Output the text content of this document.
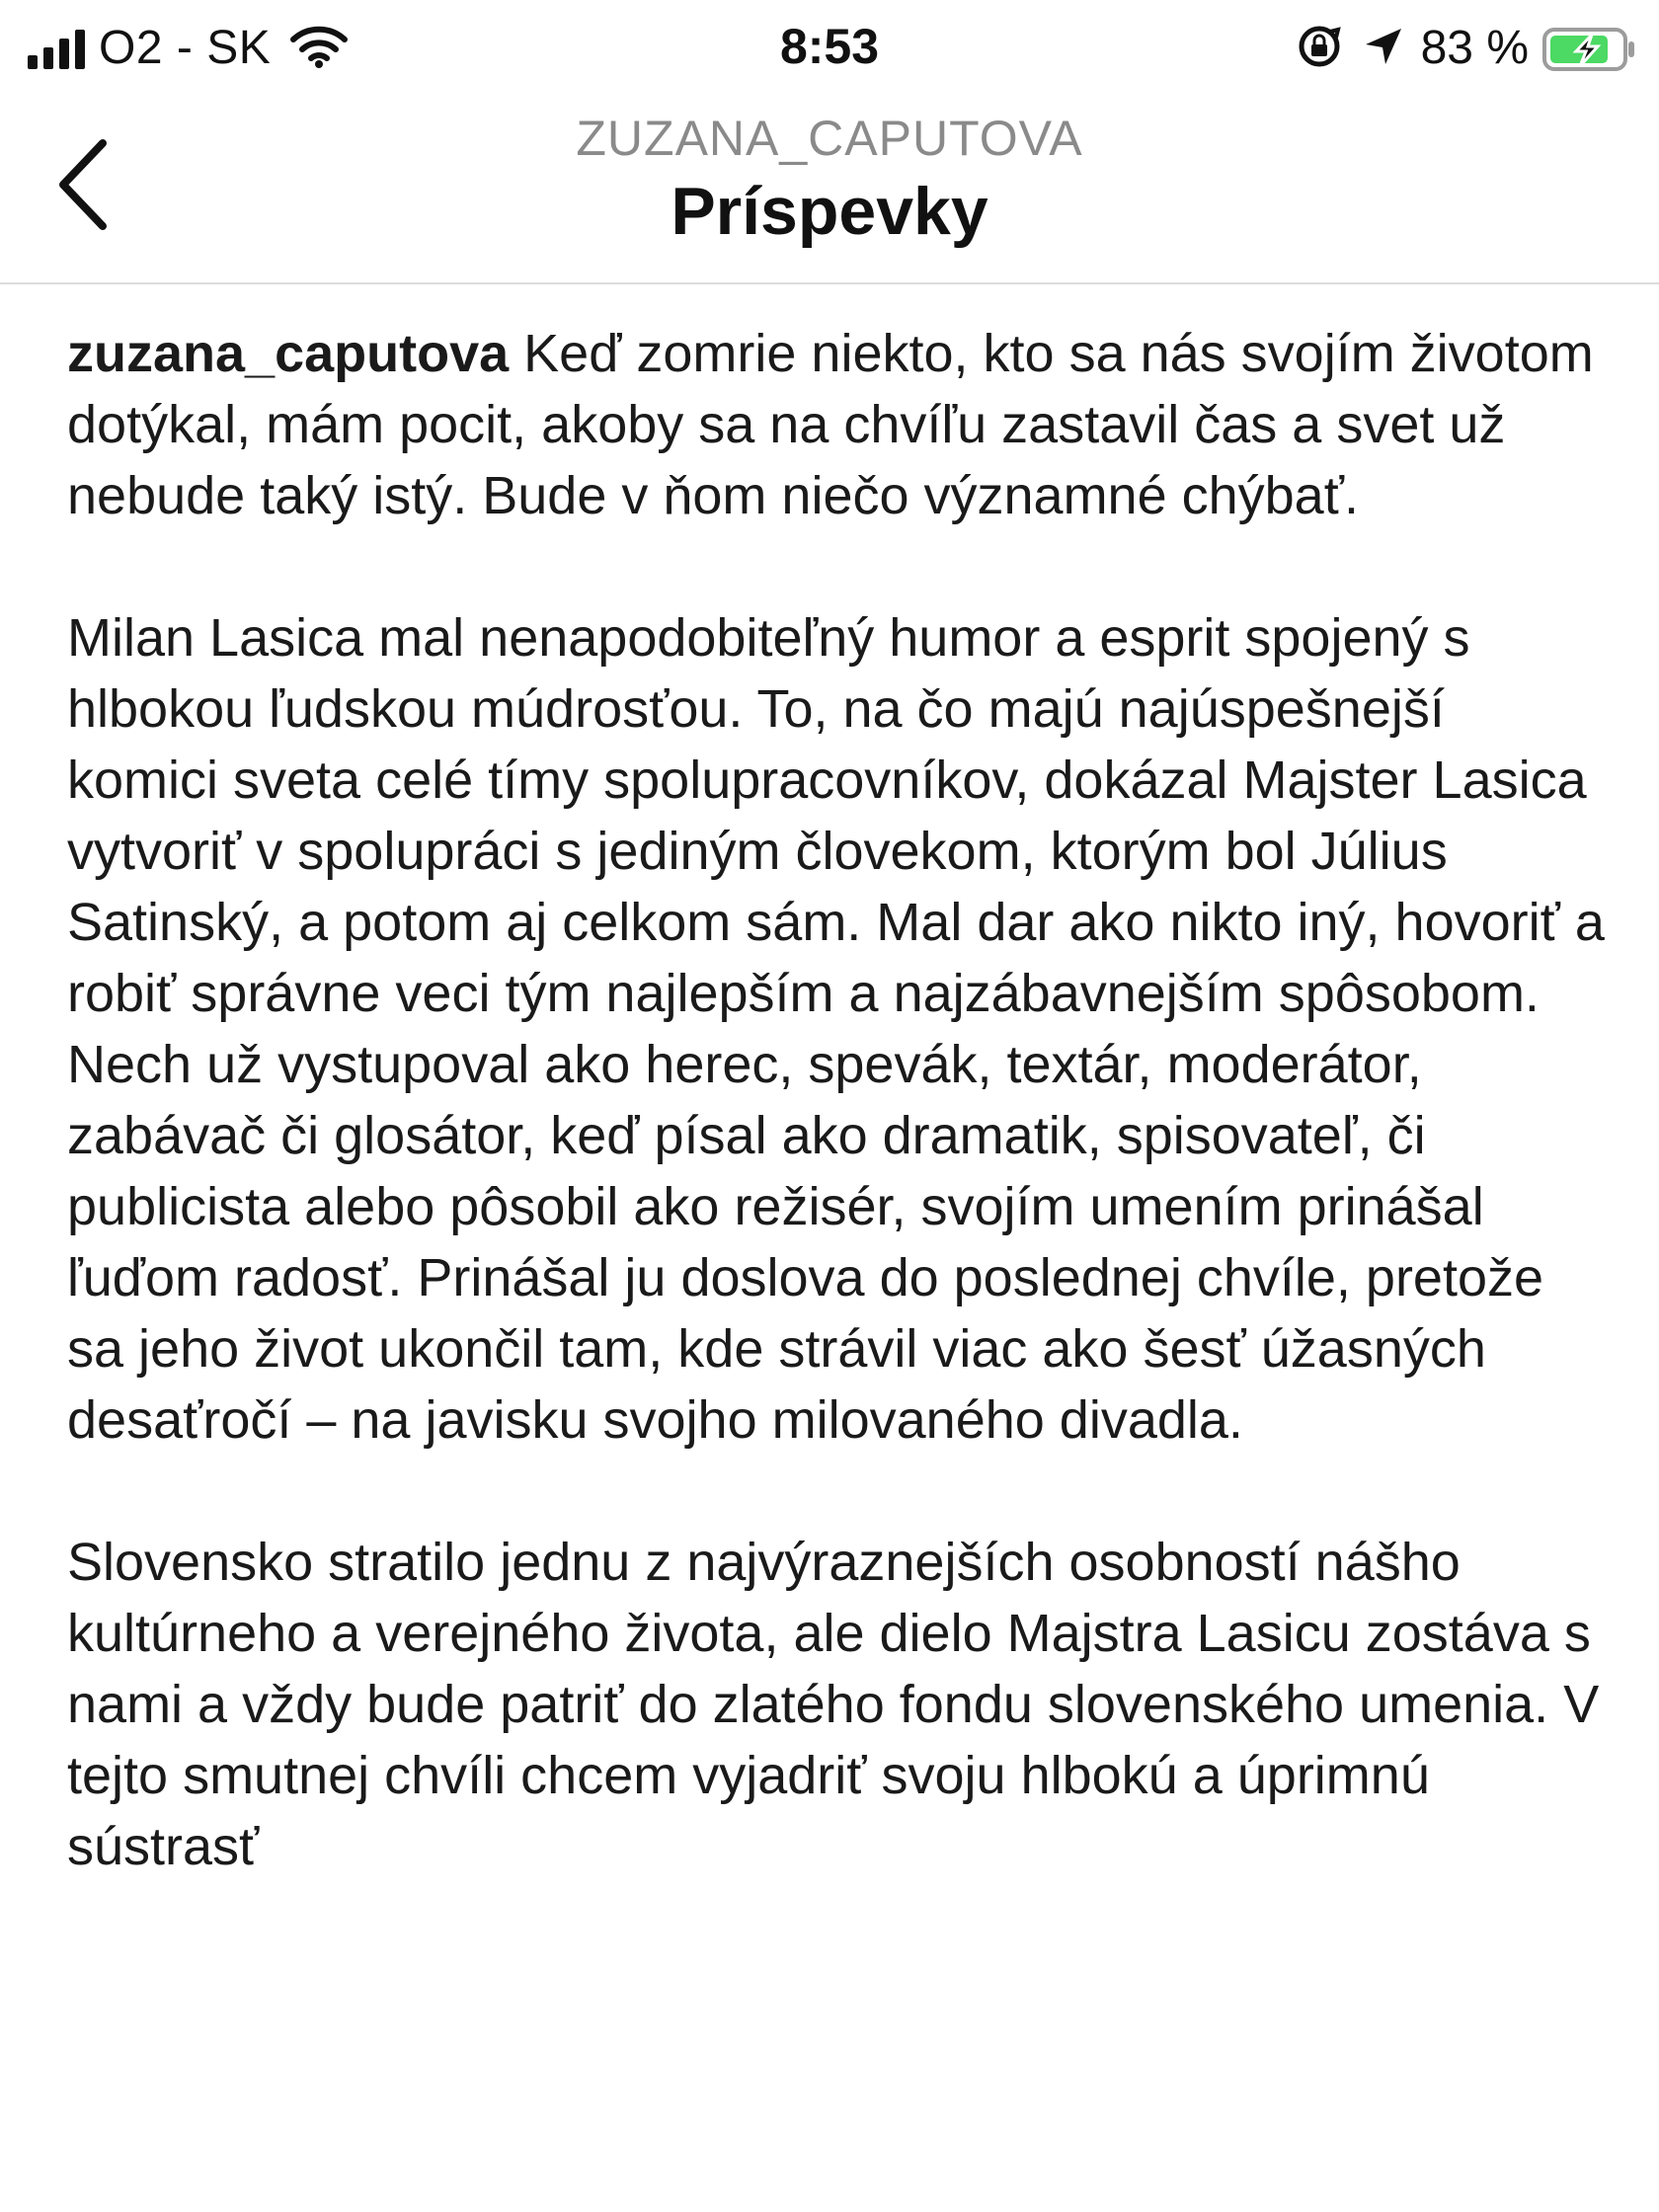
O2 - SK	8:53	83 %
ZUZANA_CAPUTOVA
Príspevky

zuzana_caputova Keď zomrie niekto, kto sa nás svojím životom dotýkal, mám pocit, akoby sa na chvíľu zastavil čas a svet už nebude taký istý. Bude v ňom niečo významné chýbať.

Milan Lasica mal nenapodobiteľný humor a esprit spojený s hlbokou ľudskou múdrosťou. To, na čo majú najúspešnejší komici sveta celé tímy spolupracovníkov, dokázal Majster Lasica vytvoriť v spolupráci s jediným človekom, ktorým bol Július Satinský, a potom aj celkom sám. Mal dar ako nikto iný, hovoriť a robiť správne veci tým najlepším a najzábavnejším spôsobom. Nech už vystupoval ako herec, spevák, textár, moderátor, zabávač či glosátor, keď písal ako dramatik, spisovateľ, či publicista alebo pôsobil ako režisér, svojím umením prinášal ľuďom radosť. Prinášal ju doslova do poslednej chvíle, pretože sa jeho život ukončil tam, kde strávil viac ako šesť úžasných desaťročí – na javisku svojho milovaného divadla.

Slovensko stratilo jednu z najvýraznejších osobností nášho kultúrneho a verejného života, ale dielo Majstra Lasicu zostáva s nami a vždy bude patriť do zlatého fondu slovenského umenia. V tejto smutnej chvíli chcem vyjadriť svoju hlbokú a úprimnú sústrasť
